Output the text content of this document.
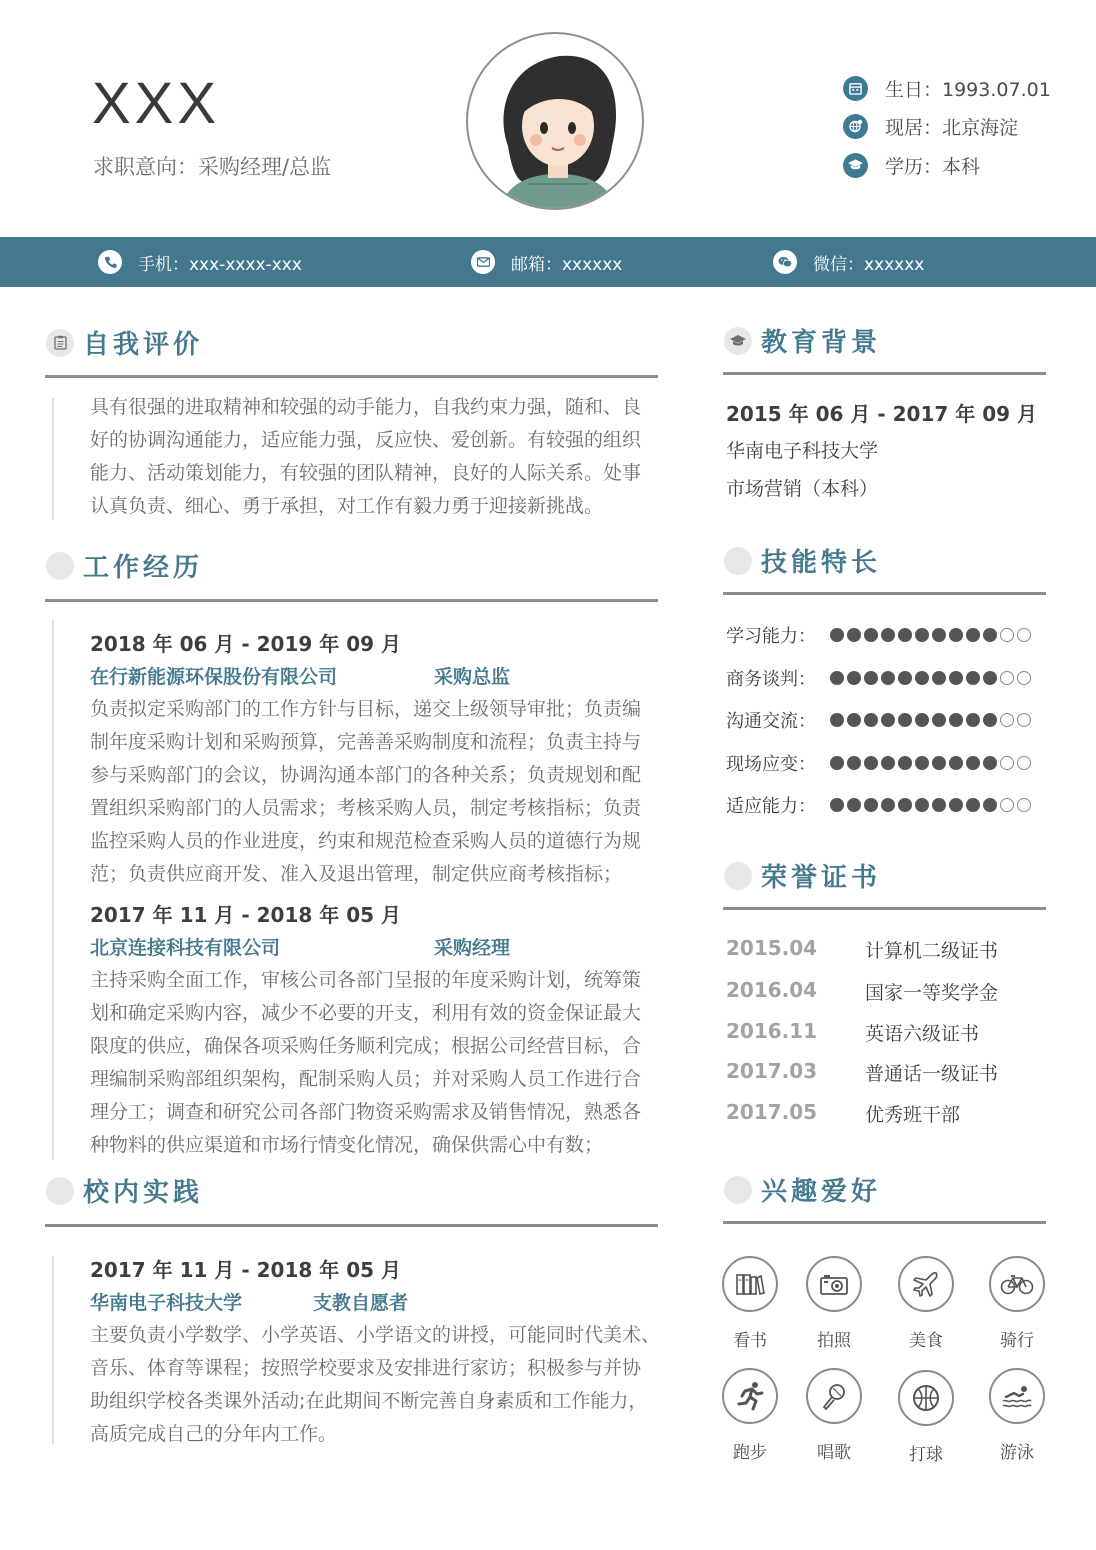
XXX
求职意向：采购经理/总监
生日：1993.07.01
现居：北京海淀
学历：本科
手机：xxx-xxxx-xxx	邮箱：xxxxxx	微信：xxxxxx
自我评价
具有很强的进取精神和较强的动手能力，自我约束力强，随和、良
好的协调沟通能力，适应能力强，反应快、爱创新。有较强的组织
能力、活动策划能力，有较强的团队精神，良好的人际关系。处事
认真负责、细心、勇于承担，对工作有毅力勇于迎接新挑战。
工作经历
2018 年 06 月 - 2019 年 09 月
在行新能源环保股份有限公司	采购总监
负责拟定采购部门的工作方针与目标，递交上级领导审批；负责编
制年度采购计划和采购预算，完善善采购制度和流程；负责主持与
参与采购部门的会议，协调沟通本部门的各种关系；负责规划和配
置组织采购部门的人员需求；考核采购人员，制定考核指标；负责
监控采购人员的作业进度，约束和规范检查采购人员的道德行为规
范；负责供应商开发、准入及退出管理，制定供应商考核指标；
2017 年 11 月 - 2018 年 05 月
北京连接科技有限公司	采购经理
主持采购全面工作，审核公司各部门呈报的年度采购计划，统筹策
划和确定采购内容，减少不必要的开支，利用有效的资金保证最大
限度的供应，确保各项采购任务顺利完成；根据公司经营目标，合
理编制采购部组织架构，配制采购人员；并对采购人员工作进行合
理分工；调查和研究公司各部门物资采购需求及销售情况，熟悉各
种物料的供应渠道和市场行情变化情况，确保供需心中有数；
校内实践
2017 年 11 月 - 2018 年 05 月
华南电子科技大学	支教自愿者
主要负责小学数学、小学英语、小学语文的讲授，可能同时代美术、
音乐、体育等课程；按照学校要求及安排进行家访；积极参与并协
助组织学校各类课外活动;在此期间不断完善自身素质和工作能力，
高质完成自己的分年内工作。
教育背景
2015 年 06 月 - 2017 年 09 月
华南电子科技大学
市场营销（本科）
技能特长
学习能力：
商务谈判：
沟通交流：
现场应变：
适应能力：
荣誉证书
2015.04	计算机二级证书
2016.04	国家一等奖学金
2016.11	英语六级证书
2017.03	普通话一级证书
2017.05	优秀班干部
兴趣爱好
看书	拍照	美食	骑行
跑步	唱歌	打球	游泳
